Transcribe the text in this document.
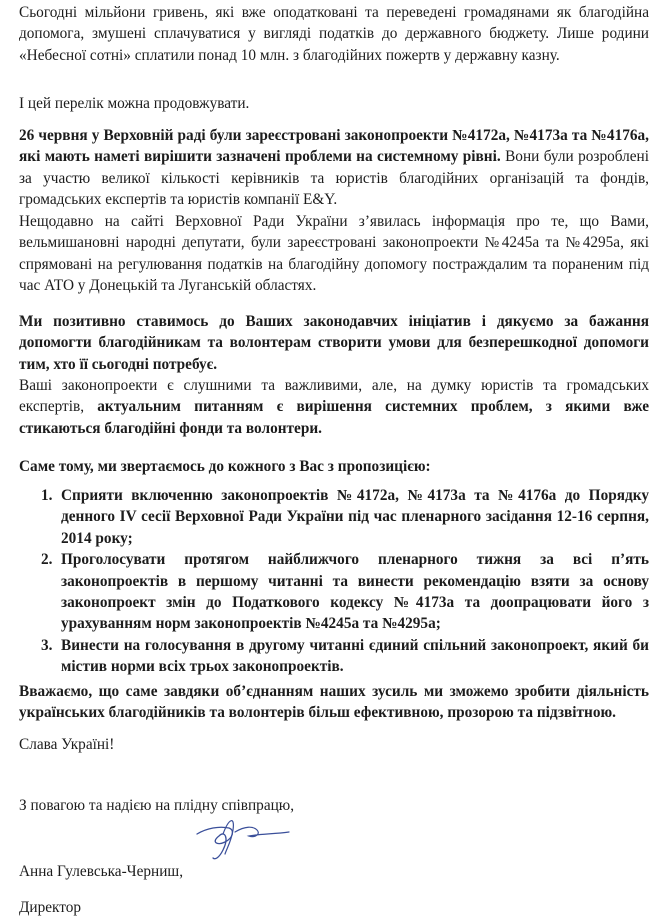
Сьогодні мільйони гривень, які вже оподатковані та переведені громадянами як благодійна допомога, змушені сплачуватися у вигляді податків до державного бюджету. Лише родини «Небесної сотні» сплатили понад 10 млн. з благодійних пожертв у державну казну.

І цей перелік можна продовжувати.

26 червня у Верховній раді були зареєстровані законопроекти №4172а, №4173а та №4176а, які мають наметі вирішити зазначені проблеми на системному рівні. Вони були розроблені за участю великої кількості керівників та юристів благодійних організацій та фондів, громадських експертів та юристів компанії E&Y.

Нещодавно на сайті Верховної Ради України з’явилась інформація про те, що Вами, вельмишановні народні депутати, були зареєстровані законопроекти №4245а та №4295а, які спрямовані на регулювання податків на благодійну допомогу постраждалим та пораненим під час АТО у Донецькій та Луганській областях.

Ми позитивно ставимось до Ваших законодавчих ініціатив і дякуємо за бажання допомогти благодійникам та волонтерам створити умови для безперешкодної допомоги тим, хто її сьогодні потребує.

Ваші законопроекти є слушними та важливими, але, на думку юристів та громадських експертів, актуальним питанням є вирішення системних проблем, з якими вже стикаються благодійні фонди та волонтери.

Саме тому, ми звертаємось до кожного з Вас з пропозицією:

1. Сприяти включенню законопроектів №4172а, №4173а та №4176а до Порядку денного IV сесії Верховної Ради України під час пленарного засідання 12-16 серпня, 2014 року;
2. Проголосувати протягом найближчого пленарного тижня за всі п’ять законопроектів в першому читанні та винести рекомендацію взяти за основу законопроект змін до Податкового кодексу №4173а та доопрацювати його з урахуванням норм законопроектів №4245а та №4295а;
3. Винести на голосування в другому читанні єдиний спільний законопроект, який би містив норми всіх трьох законопроектів.

Вважаємо, що саме завдяки об’єднанням наших зусиль ми зможемо зробити діяльність українських благодійників та волонтерів більш ефективною, прозорою та підзвітною.

Слава Україні!

З повагою та надією на плідну співпрацю,

Анна Гулевська-Черниш,

Директор
